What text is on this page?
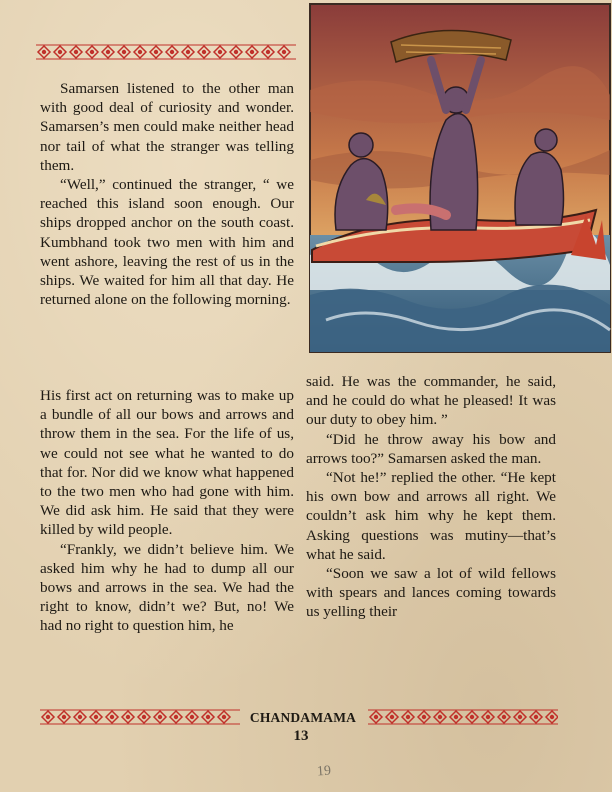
Samarsen listened to the other man with good deal of curiosity and wonder. Samarsen’s men could make neither head nor tail of what the stranger was telling them.

“Well,” continued the stranger, “ we reached this island soon enough. Our ships dropped anchor on the south coast. Kumbhand took two men with him and went ashore, leaving the rest of us in the ships. We waited for him all that day. He returned alone on the following morning.

His first act on returning was to make up a bundle of all our bows and arrows and throw them in the sea. For the life of us, we could not see what he wanted to do that for. Nor did we know what happened to the two men who had gone with him. We did ask him. He said that they were killed by wild people.

“Frankly, we didn’t believe him. We asked him why he had to dump all our bows and arrows in the sea. We had the right to know, didn’t we? But, no! We had no right to question him, he

said. He was the commander, he said, and he could do what he pleased! It was our duty to obey him. ”

“Did he throw away his bow and arrows too?” Samarsen asked the man.

“Not he!” replied the other. “He kept his own bow and arrows all right. We couldn’t ask him why he kept them. Asking questions was mutiny—that’s what he said.

“Soon we saw a lot of wild fellows with spears and lances coming towards us yelling their

CHANDAMAMA
13
19
